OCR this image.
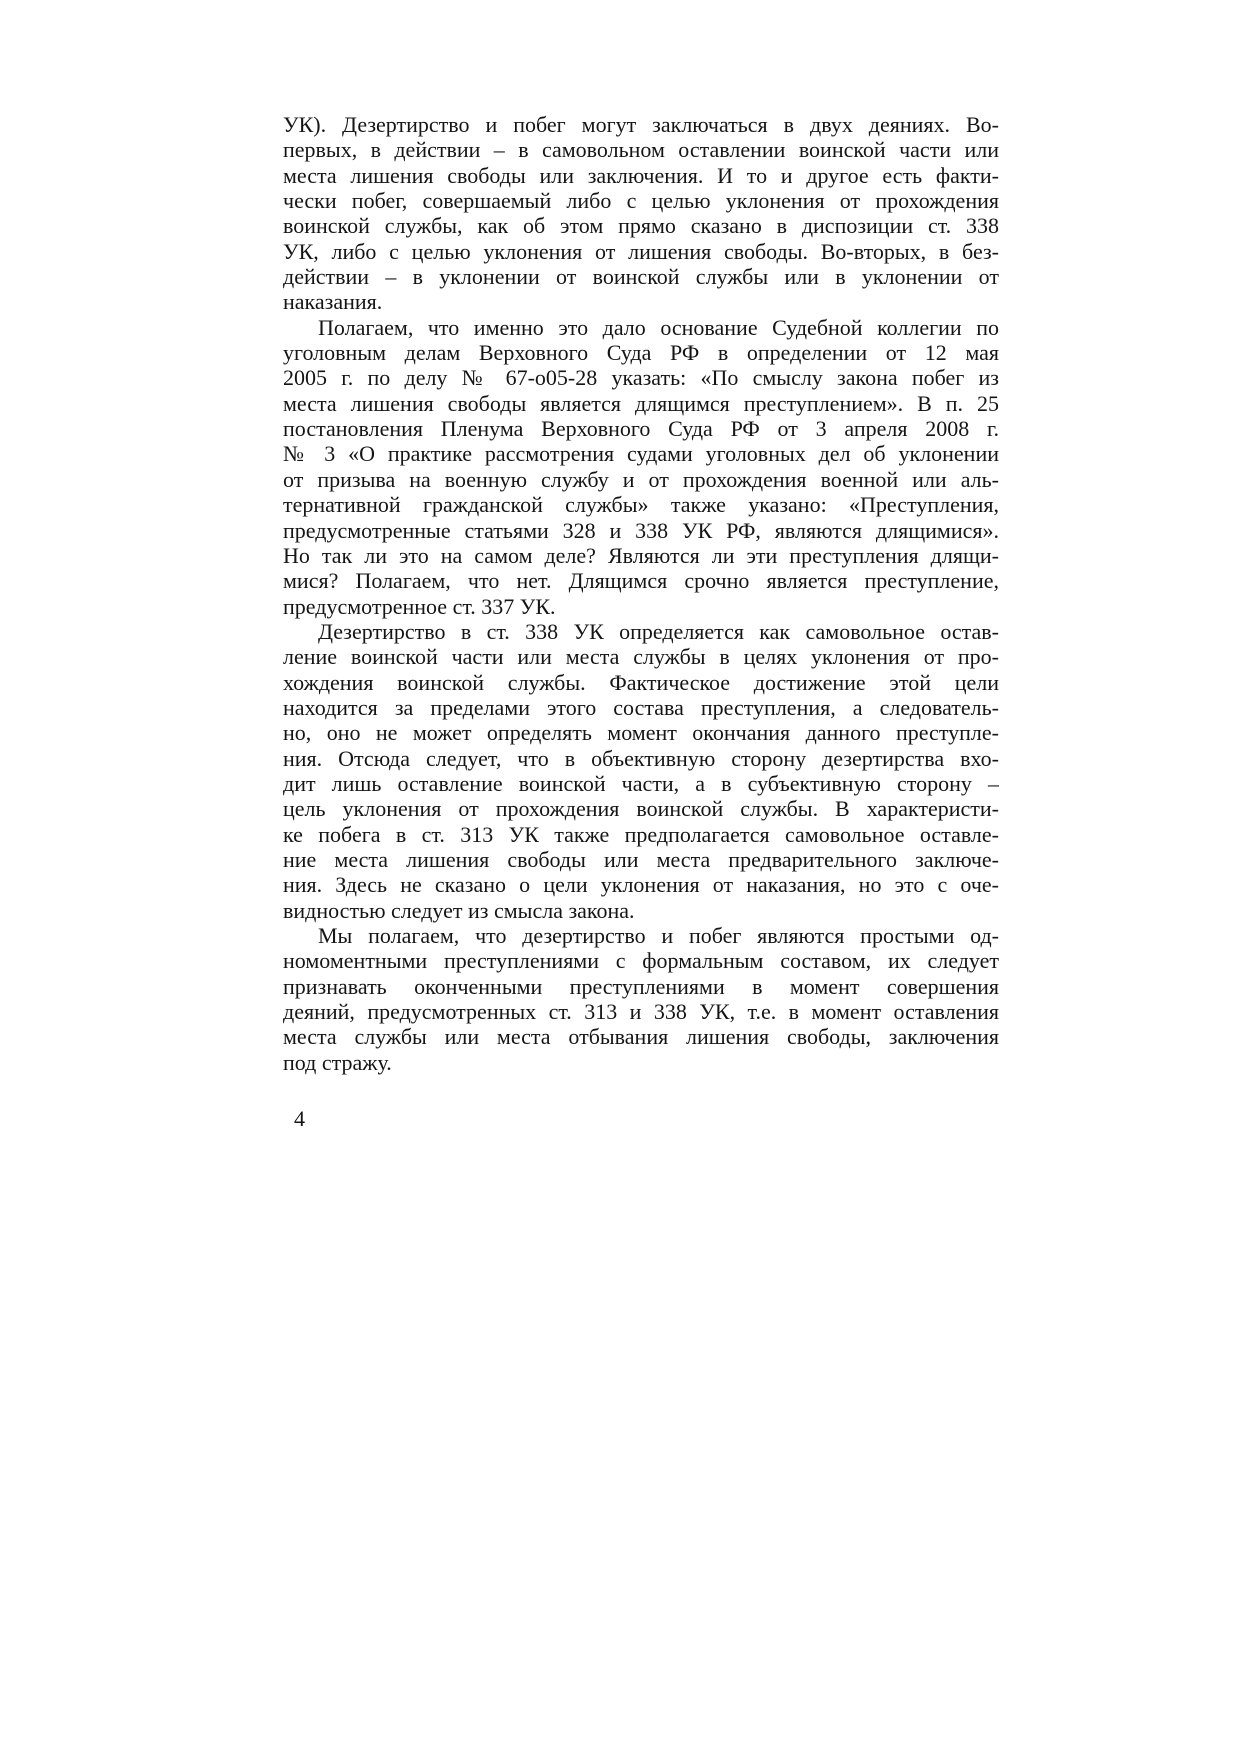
УК). Дезертирство и побег могут заключаться в двух деяниях. Во-
первых, в действии – в самовольном оставлении воинской части или
места лишения свободы или заключения. И то и другое есть факти-
чески побег, совершаемый либо с целью уклонения от прохождения
воинской службы, как об этом прямо сказано в диспозиции ст. 338
УК, либо с целью уклонения от лишения свободы. Во-вторых, в без-
действии – в уклонении от воинской службы или в уклонении от
наказания.
Полагаем, что именно это дало основание Судебной коллегии по
уголовным делам Верховного Суда РФ в определении от 12 мая
2005 г. по делу № 67-о05-28 указать: «По смыслу закона побег из
места лишения свободы является длящимся преступлением». В п. 25
постановления Пленума Верховного Суда РФ от 3 апреля 2008 г.
№ 3 «О практике рассмотрения судами уголовных дел об уклонении
от призыва на военную службу и от прохождения военной или аль-
тернативной гражданской службы» также указано: «Преступления,
предусмотренные статьями 328 и 338 УК РФ, являются длящимися».
Но так ли это на самом деле? Являются ли эти преступления длящи-
мися? Полагаем, что нет. Длящимся срочно является преступление,
предусмотренное ст. 337 УК.
Дезертирство в ст. 338 УК определяется как самовольное остав-
ление воинской части или места службы в целях уклонения от про-
хождения воинской службы. Фактическое достижение этой цели
находится за пределами этого состава преступления, а следователь-
но, оно не может определять момент окончания данного преступле-
ния. Отсюда следует, что в объективную сторону дезертирства вхо-
дит лишь оставление воинской части, а в субъективную сторону –
цель уклонения от прохождения воинской службы. В характеристи-
ке побега в ст. 313 УК также предполагается самовольное оставле-
ние места лишения свободы или места предварительного заключе-
ния. Здесь не сказано о цели уклонения от наказания, но это с оче-
видностью следует из смысла закона.
Мы полагаем, что дезертирство и побег являются простыми од-
номоментными преступлениями с формальным составом, их следует
признавать оконченными преступлениями в момент совершения
деяний, предусмотренных ст. 313 и 338 УК, т.е. в момент оставления
места службы или места отбывания лишения свободы, заключения
под стражу.
4
